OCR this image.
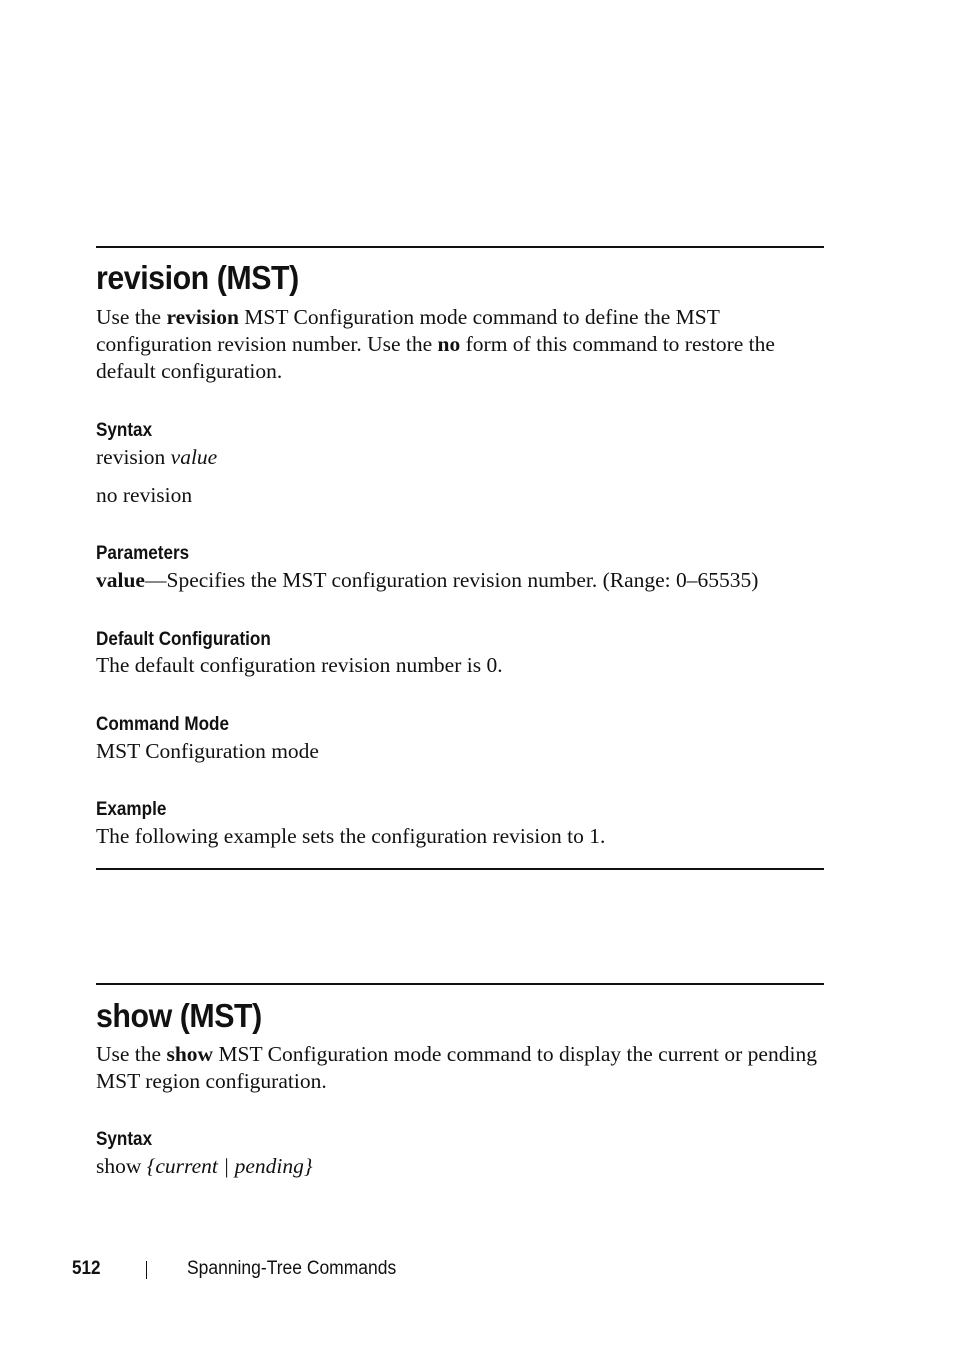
revision (MST)

Use the revision MST Configuration mode command to define the MST configuration revision number. Use the no form of this command to restore the default configuration.

Syntax

revision value

no revision

Parameters

value—Specifies the MST configuration revision number. (Range: 0–65535)

Default Configuration

The default configuration revision number is 0.

Command Mode

MST Configuration mode

Example

The following example sets the configuration revision to 1.

show (MST)

Use the show MST Configuration mode command to display the current or pending MST region configuration.

Syntax

show {current | pending}

512	Spanning-Tree Commands
